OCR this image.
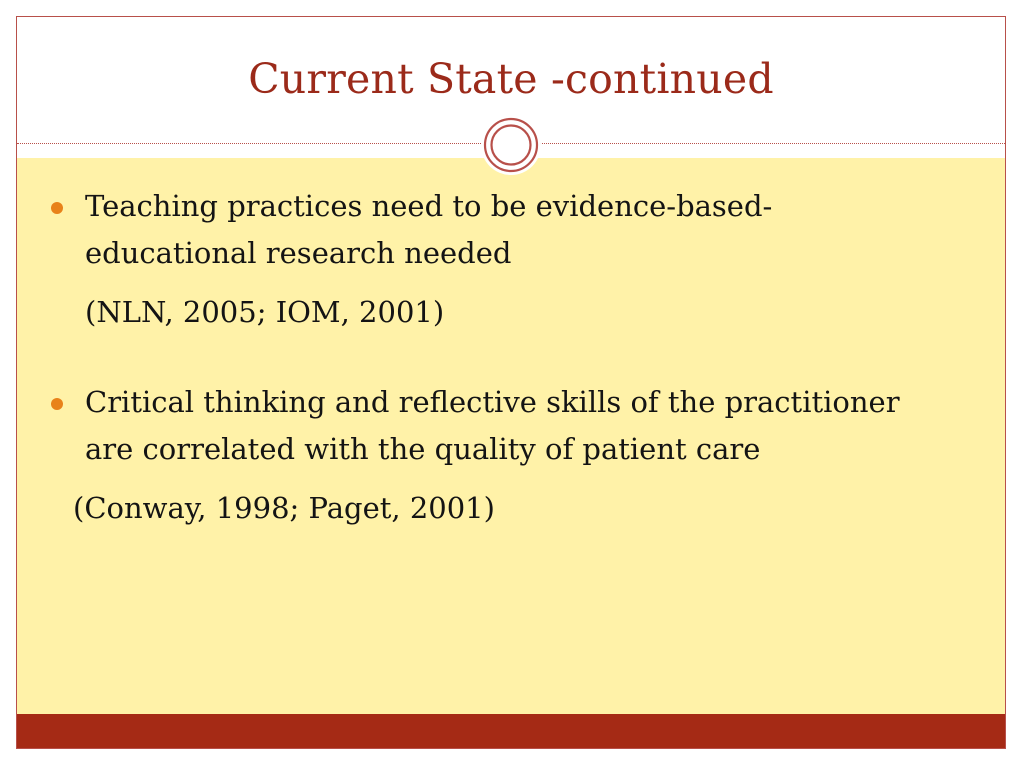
Current State -continued
Teaching practices need to be evidence-based-educational research needed
(NLN, 2005; IOM, 2001)
Critical thinking and reflective skills of the practitioner are correlated with the quality of patient care
(Conway, 1998; Paget, 2001)
